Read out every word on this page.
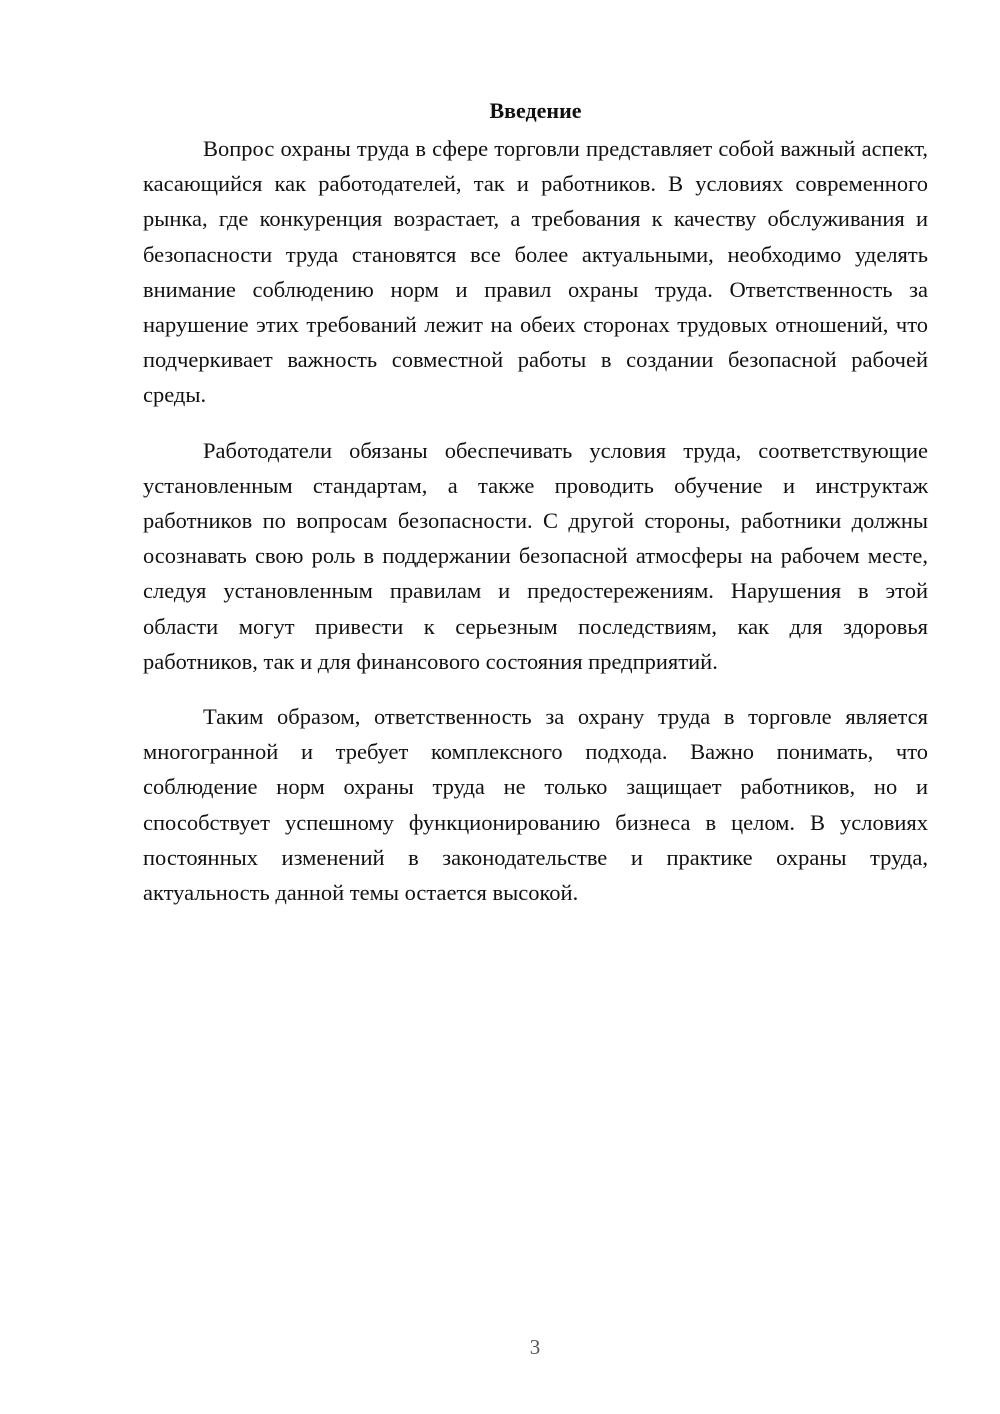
Введение

Вопрос охраны труда в сфере торговли представляет собой важный аспект, касающийся как работодателей, так и работников. В условиях современного рынка, где конкуренция возрастает, а требования к качеству обслуживания и безопасности труда становятся все более актуальными, необходимо уделять внимание соблюдению норм и правил охраны труда. Ответственность за нарушение этих требований лежит на обеих сторонах трудовых отношений, что подчеркивает важность совместной работы в создании безопасной рабочей среды.

Работодатели обязаны обеспечивать условия труда, соответствующие установленным стандартам, а также проводить обучение и инструктаж работников по вопросам безопасности. С другой стороны, работники должны осознавать свою роль в поддержании безопасной атмосферы на рабочем месте, следуя установленным правилам и предостережениям. Нарушения в этой области могут привести к серьезным последствиям, как для здоровья работников, так и для финансового состояния предприятий.

Таким образом, ответственность за охрану труда в торговле является многогранной и требует комплексного подхода. Важно понимать, что соблюдение норм охраны труда не только защищает работников, но и способствует успешному функционированию бизнеса в целом. В условиях постоянных изменений в законодательстве и практике охраны труда, актуальность данной темы остается высокой.

3
